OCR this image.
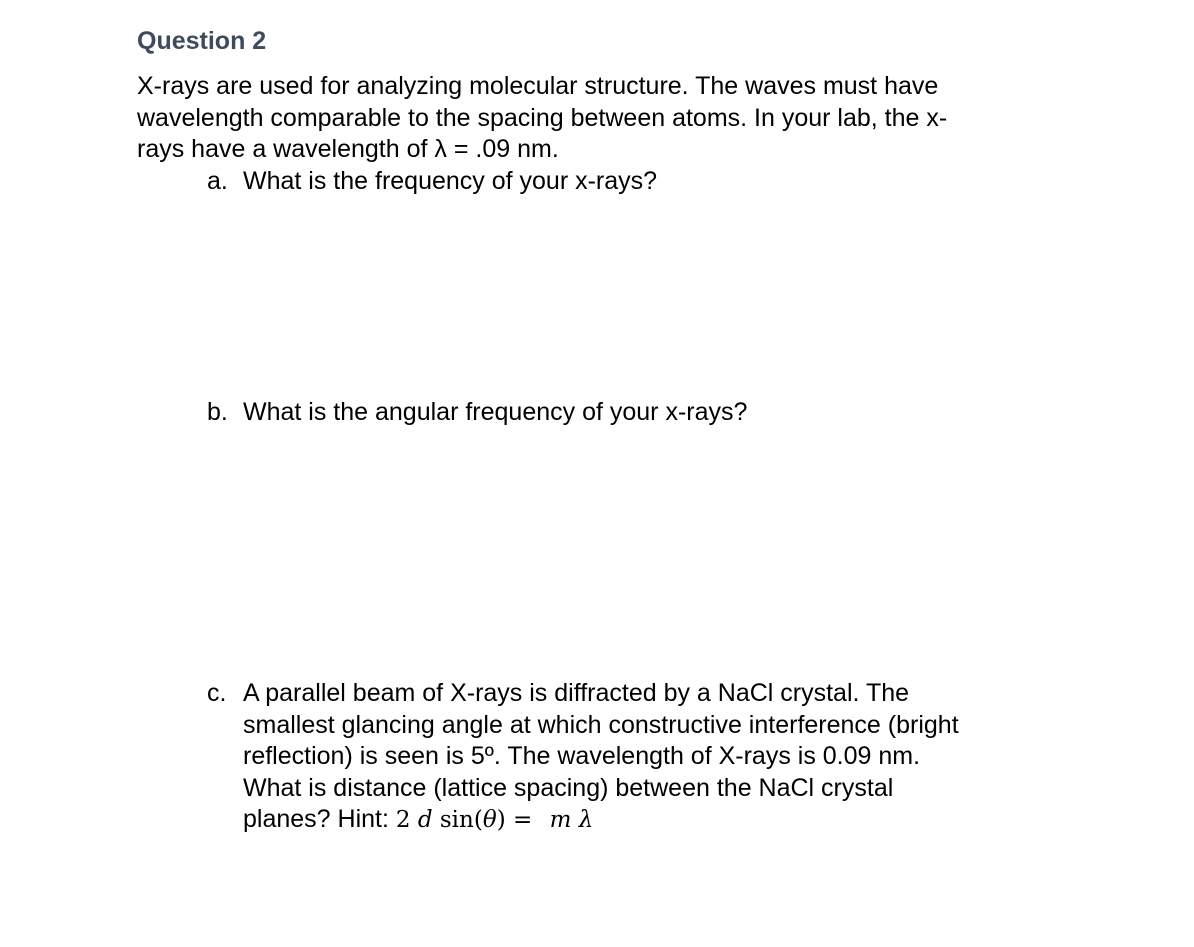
Question 2

X-rays are used for analyzing molecular structure. The waves must have
wavelength comparable to the spacing between atoms. In your lab, the x-
rays have a wavelength of λ = .09 nm.

a. What is the frequency of your x-rays?
b. What is the angular frequency of your x-rays?
c. A parallel beam of X-rays is diffracted by a NaCl crystal. The
smallest glancing angle at which constructive interference (bright
reflection) is seen is 5º. The wavelength of X-rays is 0.09 nm.
What is distance (lattice spacing) between the NaCl crystal
planes? Hint: 2 d sin(θ) = m λ
